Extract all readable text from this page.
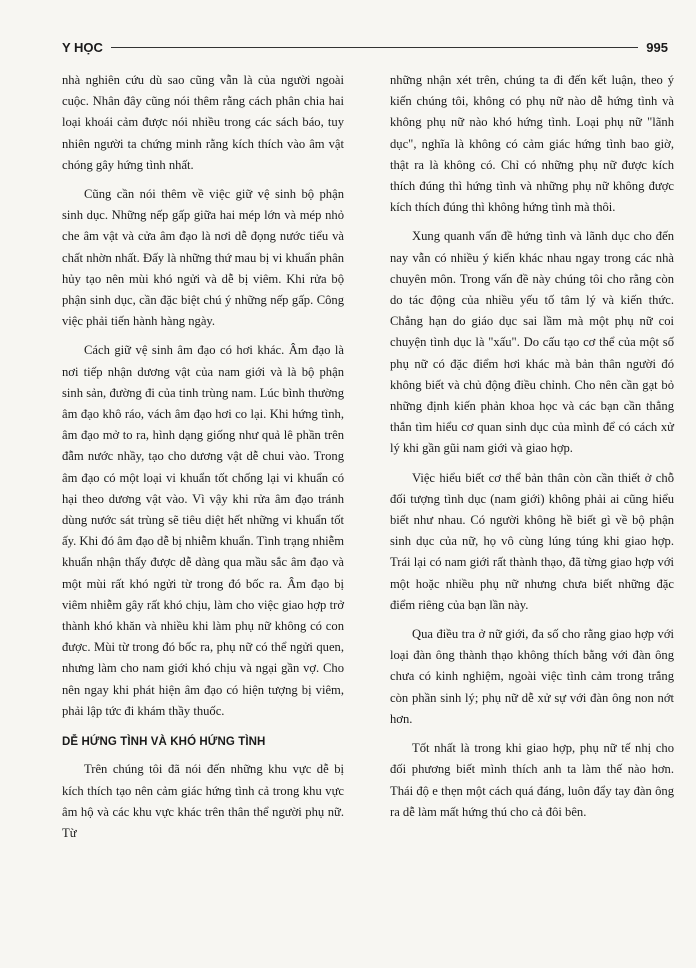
Y HỌC	995

nhà nghiên cứu dù sao cũng vẫn là của người ngoài cuộc. Nhân đây cũng nói thêm rằng cách phân chia hai loại khoái cảm được nói nhiều trong các sách báo, tuy nhiên người ta chứng minh rằng kích thích vào âm vật chóng gây hứng tình nhất.

Cũng cần nói thêm về việc giữ vệ sinh bộ phận sinh dục. Những nếp gấp giữa hai mép lớn và mép nhỏ che âm vật và cửa âm đạo là nơi dễ đọng nước tiểu và chất nhờn nhất. Đấy là những thứ mau bị vi khuẩn phân hủy tạo nên mùi khó ngửi và dễ bị viêm. Khi rửa bộ phận sinh dục, cần đặc biệt chú ý những nếp gấp. Công việc phải tiến hành hàng ngày.

Cách giữ vệ sinh âm đạo có hơi khác. Âm đạo là nơi tiếp nhận dương vật của nam giới và là bộ phận sinh sản, đường đi của tinh trùng nam. Lúc bình thường âm đạo khô ráo, vách âm đạo hơi co lại. Khi hứng tình, âm đạo mở to ra, hình dạng giống như quả lê phần trên đẫm nước nhầy, tạo cho dương vật dễ chui vào. Trong âm đạo có một loại vi khuẩn tốt chống lại vi khuẩn có hại theo dương vật vào. Vì vậy khi rửa âm đạo tránh dùng nước sát trùng sẽ tiêu diệt hết những vi khuẩn tốt ấy. Khi đó âm đạo dễ bị nhiễm khuẩn. Tình trạng nhiễm khuẩn nhận thấy được dễ dàng qua mầu sắc âm đạo và một mùi rất khó ngửi từ trong đó bốc ra. Âm đạo bị viêm nhiễm gây rất khó chịu, làm cho việc giao hợp trở thành khó khăn và nhiều khi làm phụ nữ không có con được. Mùi từ trong đó bốc ra, phụ nữ có thể ngửi quen, nhưng làm cho nam giới khó chịu và ngại gần vợ. Cho nên ngay khi phát hiện âm đạo có hiện tượng bị viêm, phải lập tức đi khám thầy thuốc.

DỄ HỨNG TÌNH VÀ KHÓ HỨNG TÌNH

Trên chúng tôi đã nói đến những khu vực dễ bị kích thích tạo nên cảm giác hứng tình cả trong khu vực âm hộ và các khu vực khác trên thân thể người phụ nữ. Từ

những nhận xét trên, chúng ta đi đến kết luận, theo ý kiến chúng tôi, không có phụ nữ nào dễ hứng tình và không phụ nữ nào khó hứng tình. Loại phụ nữ "lãnh dục", nghĩa là không có cảm giác hứng tình bao giờ, thật ra là không có. Chỉ có những phụ nữ được kích thích đúng thì hứng tình và những phụ nữ không được kích thích đúng thì không hứng tình mà thôi.

Xung quanh vấn đề hứng tình và lãnh dục cho đến nay vẫn có nhiều ý kiến khác nhau ngay trong các nhà chuyên môn. Trong vấn đề này chúng tôi cho rằng còn do tác động của nhiều yếu tố tâm lý và kiến thức. Chẳng hạn do giáo dục sai lầm mà một phụ nữ coi chuyện tình dục là "xấu". Do cấu tạo cơ thể của một số phụ nữ có đặc điểm hơi khác mà bản thân người đó không biết và chủ động điều chỉnh. Cho nên cần gạt bỏ những định kiến phản khoa học và các bạn cần thẳng thắn tìm hiểu cơ quan sinh dục của mình để có cách xử lý khi gần gũi nam giới và giao hợp.

Việc hiểu biết cơ thể bản thân còn cần thiết ở chỗ đối tượng tình dục (nam giới) không phải ai cũng hiểu biết như nhau. Có người không hề biết gì về bộ phận sinh dục của nữ, họ vô cùng lúng túng khi giao hợp. Trái lại có nam giới rất thành thạo, đã từng giao hợp với một hoặc nhiều phụ nữ nhưng chưa biết những đặc điểm riêng của bạn lần này.

Qua điều tra ở nữ giới, đa số cho rằng giao hợp với loại đàn ông thành thạo không thích bằng với đàn ông chưa có kinh nghiệm, ngoài việc tình cảm trong trắng còn phần sinh lý; phụ nữ dễ xử sự với đàn ông non nớt hơn.

Tốt nhất là trong khi giao hợp, phụ nữ tế nhị cho đối phương biết mình thích anh ta làm thế nào hơn. Thái độ e thẹn một cách quá đáng, luôn đẩy tay đàn ông ra dễ làm mất hứng thú cho cả đôi bên.
